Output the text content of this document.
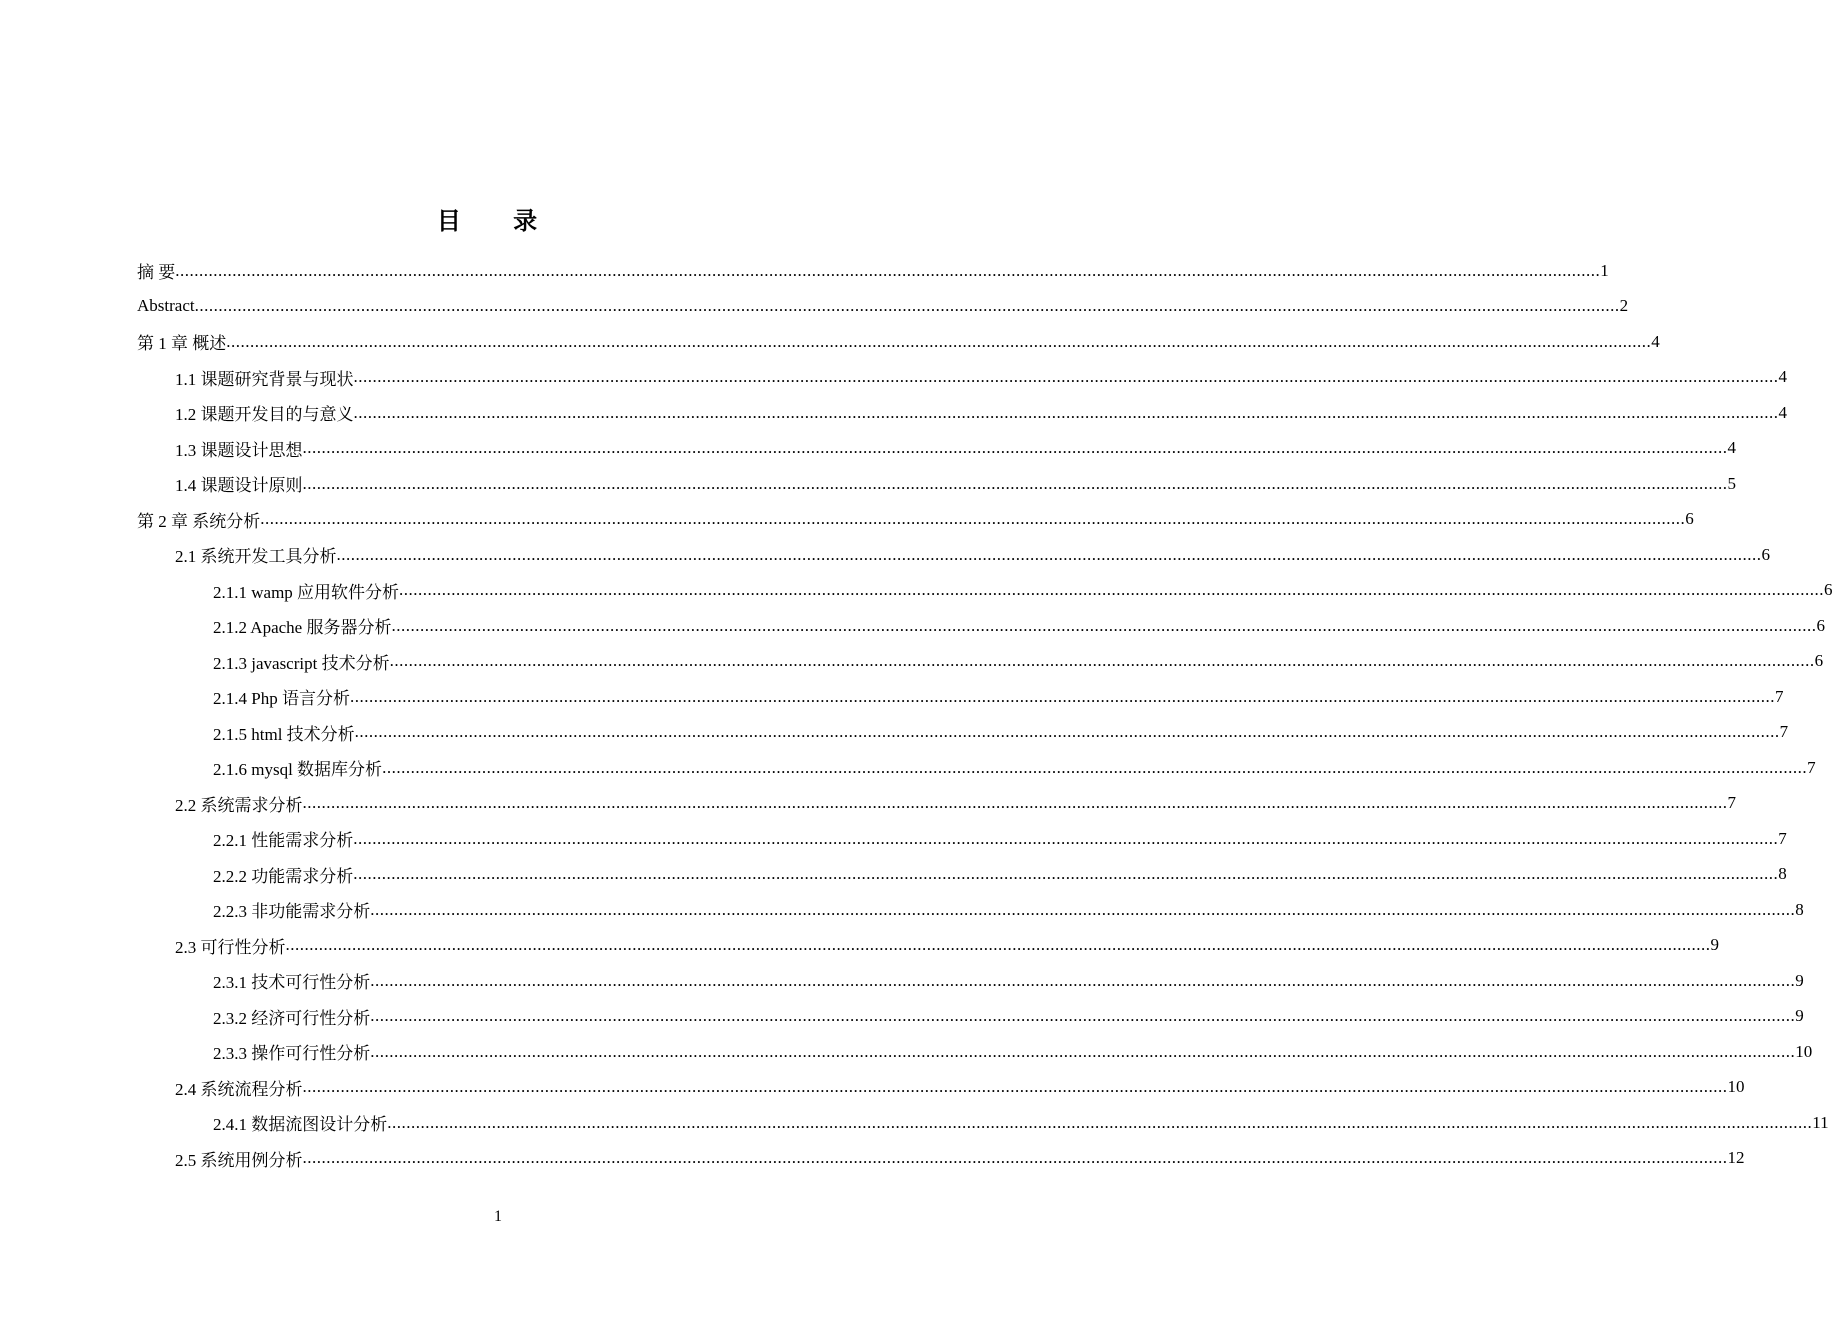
目 录
摘 要 ............................................................................................................................................................................................................................................................................................................ 1
Abstract ............................................................................................................................................................................................................................................................................................................ 2
第 1 章 概述 ............................................................................................................................................................................................................................................................................................................ 4
1.1 课题研究背景与现状 ............................................................................................................................................................................................................................................................................................................ 4
1.2 课题开发目的与意义 ............................................................................................................................................................................................................................................................................................................ 4
1.3 课题设计思想 ............................................................................................................................................................................................................................................................................................................ 4
1.4 课题设计原则 ............................................................................................................................................................................................................................................................................................................ 5
第 2 章 系统分析 ............................................................................................................................................................................................................................................................................................................ 6
2.1 系统开发工具分析 ............................................................................................................................................................................................................................................................................................................ 6
2.1.1 wamp 应用软件分析 ............................................................................................................................................................................................................................................................................................................ 6
2.1.2 Apache 服务器分析 ............................................................................................................................................................................................................................................................................................................ 6
2.1.3 javascript 技术分析 ............................................................................................................................................................................................................................................................................................................ 6
2.1.4 Php 语言分析 ............................................................................................................................................................................................................................................................................................................ 7
2.1.5 html 技术分析 ............................................................................................................................................................................................................................................................................................................ 7
2.1.6 mysql 数据库分析 ............................................................................................................................................................................................................................................................................................................ 7
2.2 系统需求分析 ............................................................................................................................................................................................................................................................................................................ 7
2.2.1 性能需求分析 ............................................................................................................................................................................................................................................................................................................ 7
2.2.2 功能需求分析 ............................................................................................................................................................................................................................................................................................................ 8
2.2.3 非功能需求分析 ............................................................................................................................................................................................................................................................................................................ 8
2.3 可行性分析 ............................................................................................................................................................................................................................................................................................................ 9
2.3.1 技术可行性分析 ............................................................................................................................................................................................................................................................................................................ 9
2.3.2 经济可行性分析 ............................................................................................................................................................................................................................................................................................................ 9
2.3.3 操作可行性分析 ............................................................................................................................................................................................................................................................................................................ 10
2.4 系统流程分析 ............................................................................................................................................................................................................................................................................................................ 10
2.4.1 数据流图设计分析 ............................................................................................................................................................................................................................................................................................................ 11
2.5 系统用例分析 ............................................................................................................................................................................................................................................................................................................ 12
1
